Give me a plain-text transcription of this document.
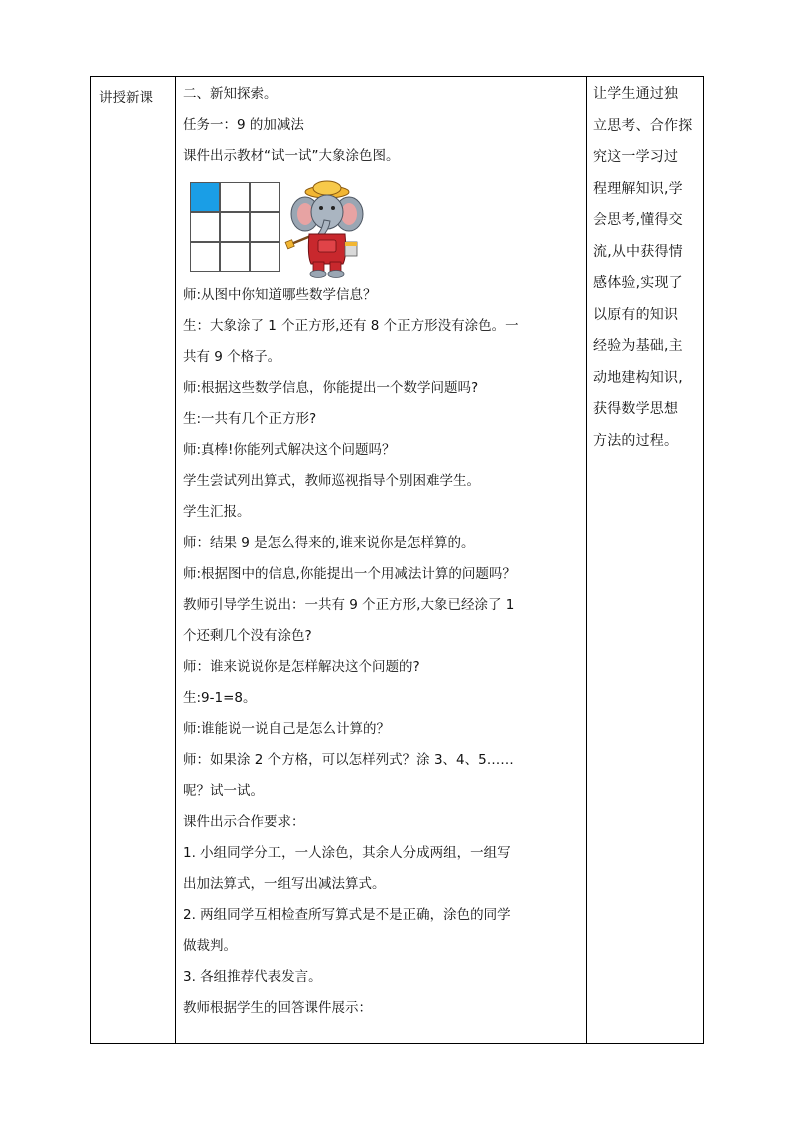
讲授新课	二、新知探索。

任务一：9 的加减法

课件出示教材“试一试”大象涂色图。

师:从图中你知道哪些数学信息？

生：大象涂了 1 个正方形,还有 8 个正方形没有涂色。一

共有 9 个格子。

师:根据这些数学信息，你能提出一个数学问题吗?

生:一共有几个正方形?

师:真棒!你能列式解决这个问题吗？

学生尝试列出算式，教师巡视指导个别困难学生。

学生汇报。

师：结果 9 是怎么得来的,谁来说你是怎样算的。

师:根据图中的信息,你能提出一个用减法计算的问题吗？

教师引导学生说出：一共有 9 个正方形,大象已经涂了 1

个还剩几个没有涂色?

师：谁来说说你是怎样解决这个问题的?

生:9-1=8。

师:谁能说一说自己是怎么计算的？

师：如果涂 2 个方格，可以怎样列式？涂 3、4、5……

呢？试一试。

课件出示合作要求：

1. 小组同学分工，一人涂色，其余人分成两组，一组写

出加法算式，一组写出减法算式。

2. 两组同学互相检查所写算式是不是正确，涂色的同学

做裁判。

3. 各组推荐代表发言。

教师根据学生的回答课件展示：

让学生通过独

立思考、合作探

究这一学习过

程理解知识,学

会思考,懂得交

流,从中获得情

感体验,实现了

以原有的知识

经验为基础,主

动地建构知识,

获得数学思想

方法的过程。
